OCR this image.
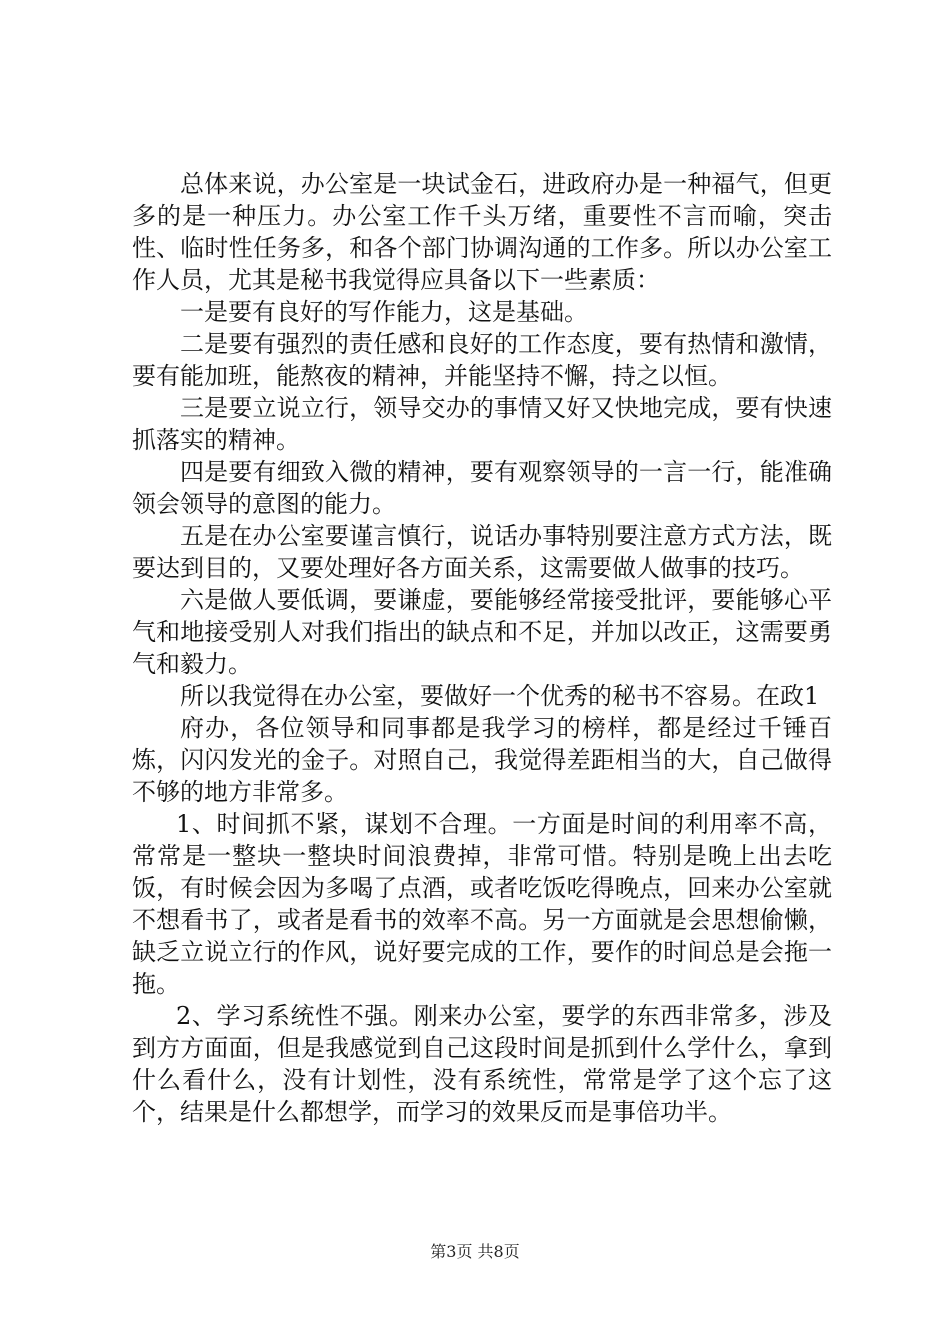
总体来说，办公室是一块试金石，进政府办是一种福气，但更多的是一种压力。办公室工作千头万绪，重要性不言而喻，突击性、临时性任务多，和各个部门协调沟通的工作多。所以办公室工作人员，尤其是秘书我觉得应具备以下一些素质：

一是要有良好的写作能力，这是基础。

二是要有强烈的责任感和良好的工作态度，要有热情和激情，要有能加班，能熬夜的精神，并能坚持不懈，持之以恒。

三是要立说立行，领导交办的事情又好又快地完成，要有快速抓落实的精神。

四是要有细致入微的精神，要有观察领导的一言一行，能准确领会领导的意图的能力。

五是在办公室要谨言慎行，说话办事特别要注意方式方法，既要达到目的，又要处理好各方面关系，这需要做人做事的技巧。

六是做人要低调，要谦虚，要能够经常接受批评，要能够心平气和地接受别人对我们指出的缺点和不足，并加以改正，这需要勇气和毅力。

所以我觉得在办公室，要做好一个优秀的秘书不容易。在政1

府办，各位领导和同事都是我学习的榜样，都是经过千锤百炼，闪闪发光的金子。对照自己，我觉得差距相当的大，自己做得不够的地方非常多。

1、时间抓不紧，谋划不合理。一方面是时间的利用率不高，常常是一整块一整块时间浪费掉，非常可惜。特别是晚上出去吃饭，有时候会因为多喝了点酒，或者吃饭吃得晚点，回来办公室就不想看书了，或者是看书的效率不高。另一方面就是会思想偷懒，缺乏立说立行的作风，说好要完成的工作，要作的时间总是会拖一拖。

2、学习系统性不强。刚来办公室，要学的东西非常多，涉及到方方面面，但是我感觉到自己这段时间是抓到什么学什么，拿到什么看什么，没有计划性，没有系统性，常常是学了这个忘了这个，结果是什么都想学，而学习的效果反而是事倍功半。

第3页 共8页
